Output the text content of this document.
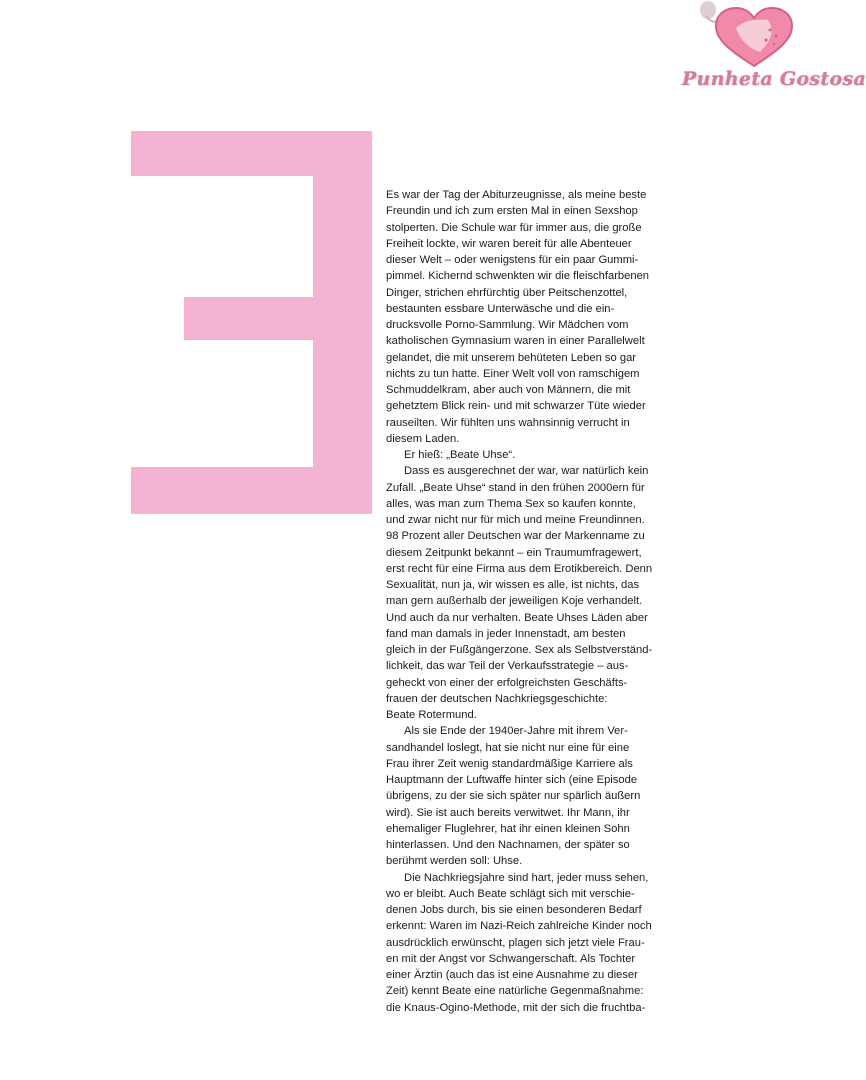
Punheta Gostosa

Es war der Tag der Abiturzeugnisse, als meine beste
Freundin und ich zum ersten Mal in einen Sexshop
stolperten. Die Schule war für immer aus, die große
Freiheit lockte, wir waren bereit für alle Abenteuer
dieser Welt – oder wenigstens für ein paar Gummi-
pimmel. Kichernd schwenkten wir die fleischfarbenen
Dinger, strichen ehrfürchtig über Peitschenzottel,
bestaunten essbare Unterwäsche und die ein-
drucksvolle Porno-Sammlung. Wir Mädchen vom
katholischen Gymnasium waren in einer Parallelwelt
gelandet, die mit unserem behüteten Leben so gar
nichts zu tun hatte. Einer Welt voll von ramschigem
Schmuddelkram, aber auch von Männern, die mit
gehetztem Blick rein- und mit schwarzer Tüte wieder
rauseilten. Wir fühlten uns wahnsinnig verrucht in
diesem Laden.

Er hieß: „Beate Uhse“.

Dass es ausgerechnet der war, war natürlich kein
Zufall. „Beate Uhse“ stand in den frühen 2000ern für
alles, was man zum Thema Sex so kaufen konnte,
und zwar nicht nur für mich und meine Freundinnen.
98 Prozent aller Deutschen war der Markenname zu
diesem Zeitpunkt bekannt – ein Traumumfragewert,
erst recht für eine Firma aus dem Erotikbereich. Denn
Sexualität, nun ja, wir wissen es alle, ist nichts, das
man gern außerhalb der jeweiligen Koje verhandelt.
Und auch da nur verhalten. Beate Uhses Läden aber
fand man damals in jeder Innenstadt, am besten
gleich in der Fußgängerzone. Sex als Selbstverständ-
lichkeit, das war Teil der Verkaufsstrategie – aus-
geheckt von einer der erfolgreichsten Geschäfts-
frauen der deutschen Nachkriegsgeschichte:
Beate Rotermund.

Als sie Ende der 1940er-Jahre mit ihrem Ver-
sandhandel loslegt, hat sie nicht nur eine für eine
Frau ihrer Zeit wenig standardmäßige Karriere als
Hauptmann der Luftwaffe hinter sich (eine Episode
übrigens, zu der sie sich später nur spärlich äußern
wird). Sie ist auch bereits verwitwet. Ihr Mann, ihr
ehemaliger Fluglehrer, hat ihr einen kleinen Sohn
hinterlassen. Und den Nachnamen, der später so
berühmt werden soll: Uhse.

Die Nachkriegsjahre sind hart, jeder muss sehen,
wo er bleibt. Auch Beate schlägt sich mit verschie-
denen Jobs durch, bis sie einen besonderen Bedarf
erkennt: Waren im Nazi-Reich zahlreiche Kinder noch
ausdrücklich erwünscht, plagen sich jetzt viele Frau-
en mit der Angst vor Schwangerschaft. Als Tochter
einer Ärztin (auch das ist eine Ausnahme zu dieser
Zeit) kennt Beate eine natürliche Gegenmaßnahme:
die Knaus-Ogino-Methode, mit der sich die fruchtba-
